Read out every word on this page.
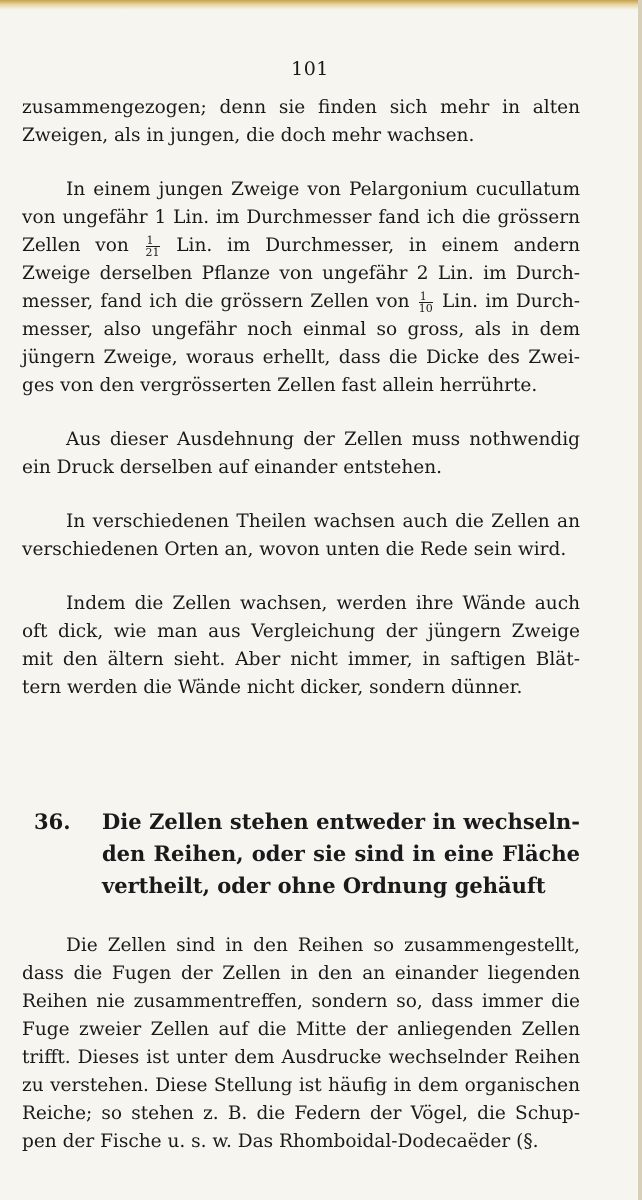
101

zusammengezogen; denn sie finden sich mehr in alten
Zweigen, als in jungen, die doch mehr wachsen.

In einem jungen Zweige von Pelargonium cucullatum
von ungefähr 1 Lin. im Durchmesser fand ich die grössern
Zellen von $\frac{1}{21}$ Lin. im Durchmesser, in einem andern
Zweige derselben Pflanze von ungefähr 2 Lin. im Durch-
messer, fand ich die grössern Zellen von $\frac{1}{10}$ Lin. im Durch-
messer, also ungefähr noch einmal so gross, als in dem
jüngern Zweige, woraus erhellt, dass die Dicke des Zwei-
ges von den vergrösserten Zellen fast allein herrührte.

Aus dieser Ausdehnung der Zellen muss nothwendig
ein Druck derselben auf einander entstehen.

In verschiedenen Theilen wachsen auch die Zellen an
verschiedenen Orten an, wovon unten die Rede sein wird.

Indem die Zellen wachsen, werden ihre Wände auch
oft dick, wie man aus Vergleichung der jüngern Zweige
mit den ältern sieht. Aber nicht immer, in saftigen Blät-
tern werden die Wände nicht dicker, sondern dünner.

36. Die Zellen stehen entweder in wechseln-
den Reihen, oder sie sind in eine Fläche
vertheilt, oder ohne Ordnung gehäuft

Die Zellen sind in den Reihen so zusammengestellt,
dass die Fugen der Zellen in den an einander liegenden
Reihen nie zusammentreffen, sondern so, dass immer die
Fuge zweier Zellen auf die Mitte der anliegenden Zellen
trifft. Dieses ist unter dem Ausdrucke wechselnder Reihen
zu verstehen. Diese Stellung ist häufig in dem organischen
Reiche; so stehen z. B. die Federn der Vögel, die Schup-
pen der Fische u. s. w. Das Rhomboidal-Dodecaëder (§.
